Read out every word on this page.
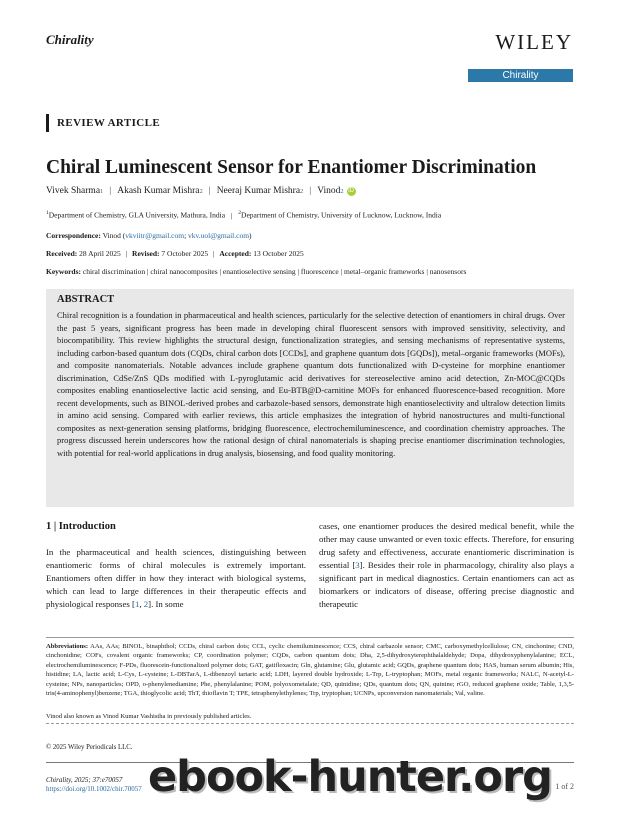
Chirality	WILEY
Chirality
REVIEW ARTICLE
Chiral Luminescent Sensor for Enantiomer Discrimination
Vivek Sharma 1 | Akash Kumar Mishra 2 | Neeraj Kumar Mishra 2 | Vinod 2 iD
$^1$Department of Chemistry, GLA University, Mathura, India | $^2$Department of Chemistry, University of Lucknow, Lucknow, India
Correspondence: Vinod (vkviitr@gmail.com; vkv.uol@gmail.com)
Received: 28 April 2025 | Revised: 7 October 2025 | Accepted: 13 October 2025
Keywords: chiral discrimination | chiral nanocomposites | enantioselective sensing | fluorescence | metal–organic frameworks | nanosensors
ABSTRACT
Chiral recognition is a foundation in pharmaceutical and health sciences, particularly for the selective detection of enantiomers in chiral drugs. Over the past 5 years, significant progress has been made in developing chiral fluorescent sensors with improved sensitivity, selectivity, and biocompatibility. This review highlights the structural design, functionalization strategies, and sensing mechanisms of representative systems, including carbon-based quantum dots (CQDs, chiral carbon dots [CCDs], and graphene quantum dots [GQDs]), metal–organic frameworks (MOFs), and composite nanomaterials. Notable advances include graphene quantum dots functionalized with D-cysteine for morphine enantiomer discrimination, CdSe/ZnS QDs modified with L-pyroglutamic acid derivatives for stereoselective amino acid detection, Zn-MOC@CQDs composites enabling enantioselective lactic acid sensing, and Eu-BTB@D-carnitine MOFs for enhanced fluorescence-based recognition. More recent developments, such as BINOL-derived probes and carbazole-based sensors, demonstrate high enantioselectivity and ultralow detection limits in amino acid sensing. Compared with earlier reviews, this article emphasizes the integration of hybrid nanostructures and multi-functional composites as next-generation sensing platforms, bridging fluorescence, electrochemiluminescence, and coordination chemistry approaches. The progress discussed herein underscores how the rational design of chiral nanomaterials is shaping precise enantiomer discrimination technologies, with potential for real-world applications in drug analysis, biosensing, and food quality monitoring.
1 | Introduction
In the pharmaceutical and health sciences, distinguishing between enantiomeric forms of chiral molecules is extremely important. Enantiomers often differ in how they interact with biological systems, which can lead to large differences in their therapeutic effects and physiological responses [1, 2]. In some
cases, one enantiomer produces the desired medical benefit, while the other may cause unwanted or even toxic effects. Therefore, for ensuring drug safety and effectiveness, accurate enantiomeric discrimination is essential [3]. Besides their role in pharmacology, chirality also plays a significant part in medical diagnostics. Certain enantiomers can act as biomarkers or indicators of disease, offering precise diagnostic and therapeutic
Abbreviations: AAs, AAs; BINOL, binaphthol; CCDs, chiral carbon dots; CCL, cyclic chemiluminescence; CCS, chiral carbazole sensor; CMC, carboxymethylcellulose; CN, cinchonine; CND, cinchonidine; COFs, covalent organic frameworks; CP, coordination polymer; CQDs, carbon quantum dots; Dha, 2,5-dihydroxyterephthalaldehyde; Dopa, dihydroxyphenylalanine; ECL, electrochemiluminescence; F-PDs, fluorescein-functionalized polymer dots; GAT, gatifloxacin; Gln, glutamine; Glu, glutamic acid; GQDs, graphene quantum dots; HAS, human serum albumin; His, histidine; LA, lactic acid; L-Cys, L-cysteine; L-DBTarA, L-dibenzoyl tartaric acid; LDH, layered double hydroxide; L-Trp, L-tryptophan; MOFs, metal organic frameworks; NALC, N-acetyl-L-cysteine; NPs, nanoparticles; OPD, o-phenylenediamine; Phe, phenylalanine; POM, polyoxometalate; QD, quinidine; QDs, quantum dots; QN, quinine; rGO, reduced graphene oxide; Table, 1,3,5-tris(4-aminophenyl)benzene; TGA, thioglycolic acid; ThT, thioflavin T; TPE, tetraphenylethylenes; Trp, tryptophan; UCNPs, upconversion nanomaterials; Val, valine.
Vinod also known as Vinod Kumar Vashistha in previously published articles.
© 2025 Wiley Periodicals LLC.
Chirality, 2025; 37:e70057
https://doi.org/10.1002/chir.70057	1 of 2
ebook-hunter.org
